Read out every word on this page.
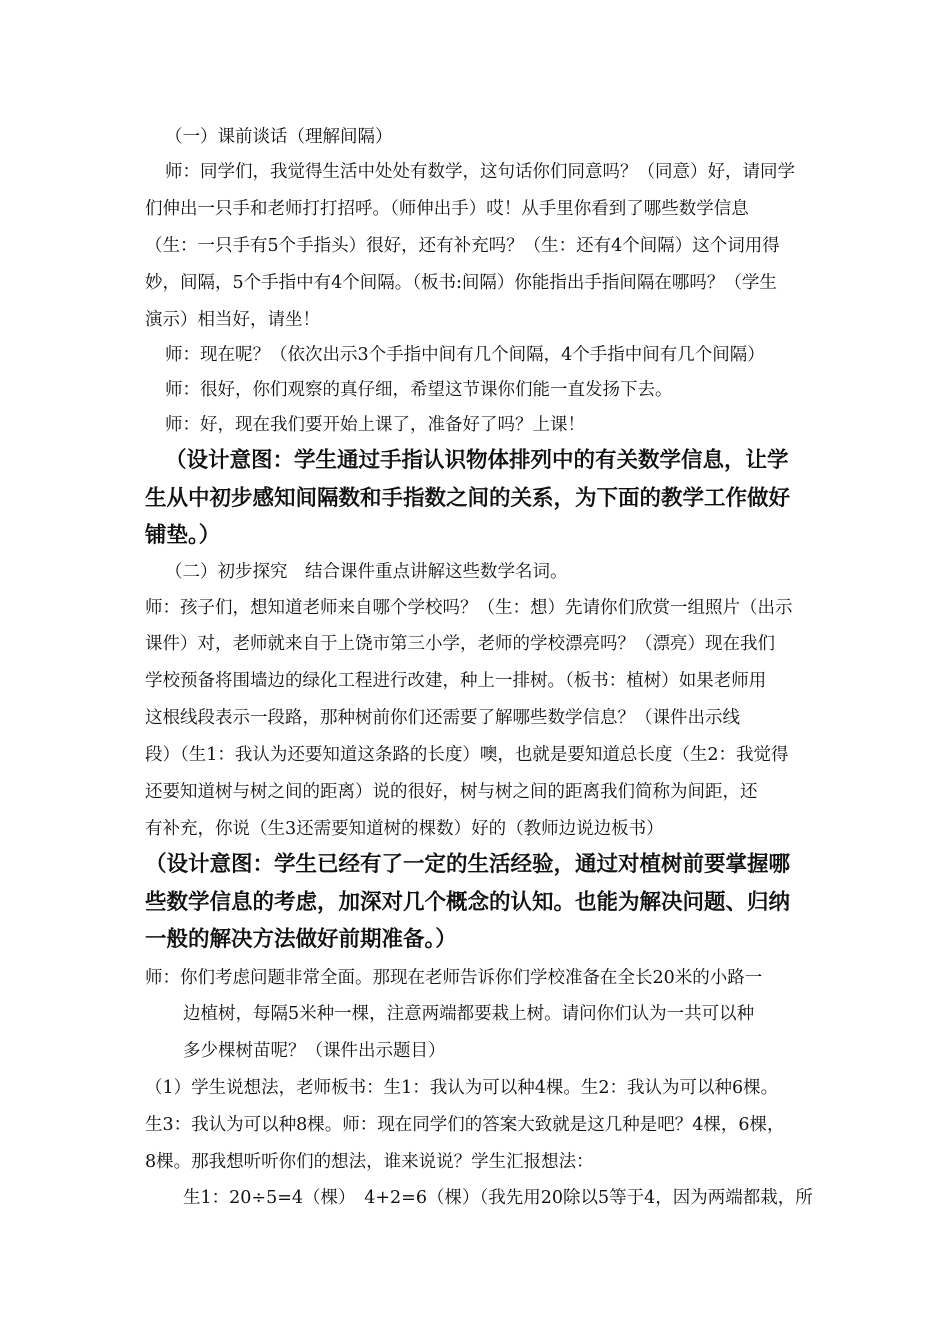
（一）课前谈话（理解间隔）
师：同学们，我觉得生活中处处有数学，这句话你们同意吗？（同意）好，请同学
们伸出一只手和老师打打招呼。（师伸出手）哎！从手里你看到了哪些数学信息
（生：一只手有5个手指头）很好，还有补充吗？（生：还有4个间隔）这个词用得
妙，间隔，5个手指中有4个间隔。（板书:间隔）你能指出手指间隔在哪吗？（学生
演示）相当好，请坐！
师：现在呢？（依次出示3个手指中间有几个间隔，4个手指中间有几个间隔）
师：很好，你们观察的真仔细，希望这节课你们能一直发扬下去。
师：好，现在我们要开始上课了，准备好了吗？上课！
（设计意图：学生通过手指认识物体排列中的有关数学信息，让学
生从中初步感知间隔数和手指数之间的关系，为下面的教学工作做好
铺垫。）
（二）初步探究　结合课件重点讲解这些数学名词。
师：孩子们，想知道老师来自哪个学校吗？（生：想）先请你们欣赏一组照片（出示
课件）对，老师就来自于上饶市第三小学，老师的学校漂亮吗？（漂亮）现在我们
学校预备将围墙边的绿化工程进行改建，种上一排树。（板书：植树）如果老师用
这根线段表示一段路，那种树前你们还需要了解哪些数学信息？（课件出示线
段）（生1：我认为还要知道这条路的长度）噢，也就是要知道总长度（生2：我觉得
还要知道树与树之间的距离）说的很好，树与树之间的距离我们简称为间距，还
有补充，你说（生3还需要知道树的棵数）好的（教师边说边板书）
（设计意图：学生已经有了一定的生活经验，通过对植树前要掌握哪
些数学信息的考虑，加深对几个概念的认知。也能为解决问题、归纳
一般的解决方法做好前期准备。）
师：你们考虑问题非常全面。那现在老师告诉你们学校准备在全长20米的小路一
边植树，每隔5米种一棵，注意两端都要栽上树。请问你们认为一共可以种
多少棵树苗呢？（课件出示题目）
（1）学生说想法，老师板书：生1：我认为可以种4棵。生2：我认为可以种6棵。
生3：我认为可以种8棵。师：现在同学们的答案大致就是这几种是吧？4棵，6棵，
8棵。那我想听听你们的想法，谁来说说？学生汇报想法：
生1：20÷5=4（棵）　4+2=6（棵）（我先用20除以5等于4，因为两端都栽，所
